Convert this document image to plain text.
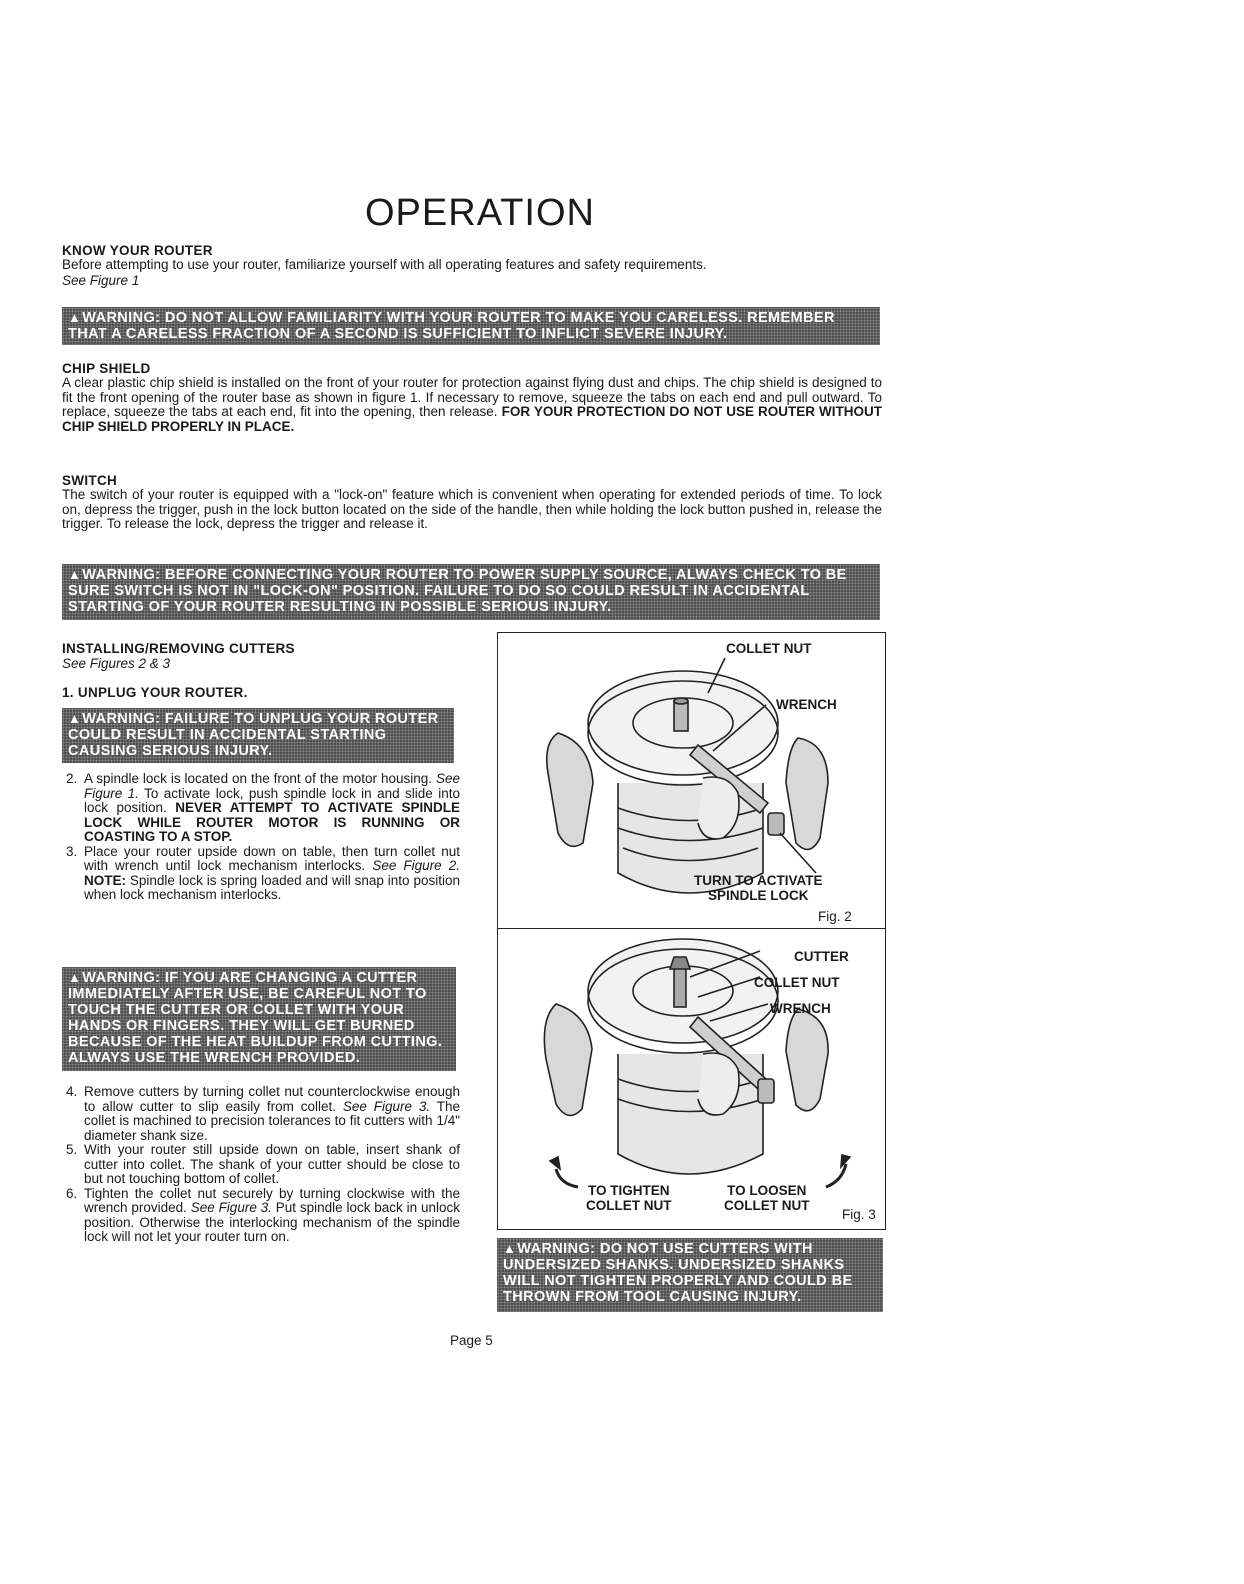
OPERATION
KNOW YOUR ROUTER
Before attempting to use your router, familiarize yourself with all operating features and safety requirements.
See Figure 1
▲WARNING: DO NOT ALLOW FAMILIARITY WITH YOUR ROUTER TO MAKE YOU CARELESS. REMEMBER THAT A CARELESS FRACTION OF A SECOND IS SUFFICIENT TO INFLICT SEVERE INJURY.
CHIP SHIELD
A clear plastic chip shield is installed on the front of your router for protection against flying dust and chips. The chip shield is designed to fit the front opening of the router base as shown in figure 1. If necessary to remove, squeeze the tabs on each end and pull outward. To replace, squeeze the tabs at each end, fit into the opening, then release. FOR YOUR PROTECTION DO NOT USE ROUTER WITHOUT CHIP SHIELD PROPERLY IN PLACE.
SWITCH
The switch of your router is equipped with a "lock-on" feature which is convenient when operating for extended periods of time. To lock on, depress the trigger, push in the lock button located on the side of the handle, then while holding the lock button pushed in, release the trigger. To release the lock, depress the trigger and release it.
▲WARNING: BEFORE CONNECTING YOUR ROUTER TO POWER SUPPLY SOURCE, ALWAYS CHECK TO BE SURE SWITCH IS NOT IN "LOCK-ON" POSITION. FAILURE TO DO SO COULD RESULT IN ACCIDENTAL STARTING OF YOUR ROUTER RESULTING IN POSSIBLE SERIOUS INJURY.
INSTALLING/REMOVING CUTTERS
See Figures 2 & 3
1. UNPLUG YOUR ROUTER.
▲WARNING: FAILURE TO UNPLUG YOUR ROUTER COULD RESULT IN ACCIDENTAL STARTING CAUSING SERIOUS INJURY.
2. A spindle lock is located on the front of the motor housing. See Figure 1. To activate lock, push spindle lock in and slide into lock position. NEVER ATTEMPT TO ACTIVATE SPINDLE LOCK WHILE ROUTER MOTOR IS RUNNING OR COASTING TO A STOP.
3. Place your router upside down on table, then turn collet nut with wrench until lock mechanism interlocks. See Figure 2. NOTE: Spindle lock is spring loaded and will snap into position when lock mechanism interlocks.
▲WARNING: IF YOU ARE CHANGING A CUTTER IMMEDIATELY AFTER USE, BE CAREFUL NOT TO TOUCH THE CUTTER OR COLLET WITH YOUR HANDS OR FINGERS. THEY WILL GET BURNED BECAUSE OF THE HEAT BUILDUP FROM CUTTING. ALWAYS USE THE WRENCH PROVIDED.
4. Remove cutters by turning collet nut counterclockwise enough to allow cutter to slip easily from collet. See Figure 3. The collet is machined to precision tolerances to fit cutters with 1/4" diameter shank size.
5. With your router still upside down on table, insert shank of cutter into collet. The shank of your cutter should be close to but not touching bottom of collet.
6. Tighten the collet nut securely by turning clockwise with the wrench provided. See Figure 3. Put spindle lock back in unlock position. Otherwise the interlocking mechanism of the spindle lock will not let your router turn on.
COLLET NUT
WRENCH
TURN TO ACTIVATE
SPINDLE LOCK
Fig. 2
CUTTER
COLLET NUT
WRENCH
TO TIGHTEN
COLLET NUT
TO LOOSEN
COLLET NUT
Fig. 3
▲WARNING: DO NOT USE CUTTERS WITH UNDERSIZED SHANKS. UNDERSIZED SHANKS WILL NOT TIGHTEN PROPERLY AND COULD BE THROWN FROM TOOL CAUSING INJURY.
Page 5
